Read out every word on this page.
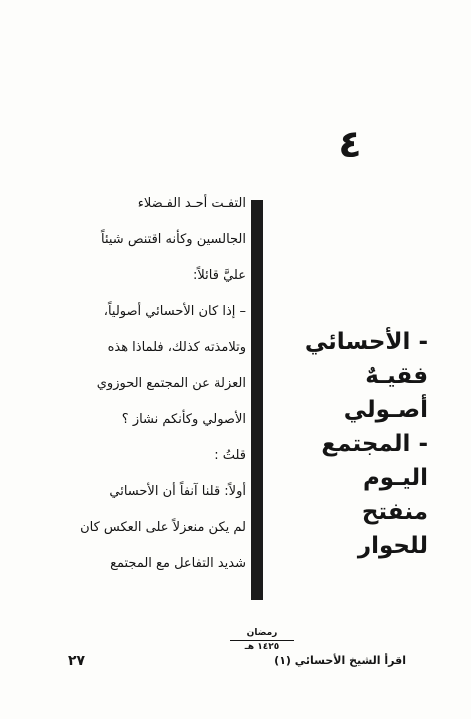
٤
التفـت أحـد الفـضلاء
الجالسين وكأنه اقتنص شيئاً
عليَّ قائلاً:
– إذا كان الأحسائي أصولياً،
وتلامذته كذلك، فلماذا هذه
العزلة عن المجتمع الحوزوي
الأصولي وكأنكم نشاز ؟
قلتُ :
أولاً: قلنا آنفاً أن الأحسائي
لم يكن منعزلاً على العكس كان
شديد التفاعل مع المجتمع
- الأحسائي
فقيـهٌ
أصـولي
- المجتمع
اليـوم
منفتح
للحوار
رمضان
١٤٢٥ هـ
اقرأ الشيخ الأحسائي (١)
٢٧
